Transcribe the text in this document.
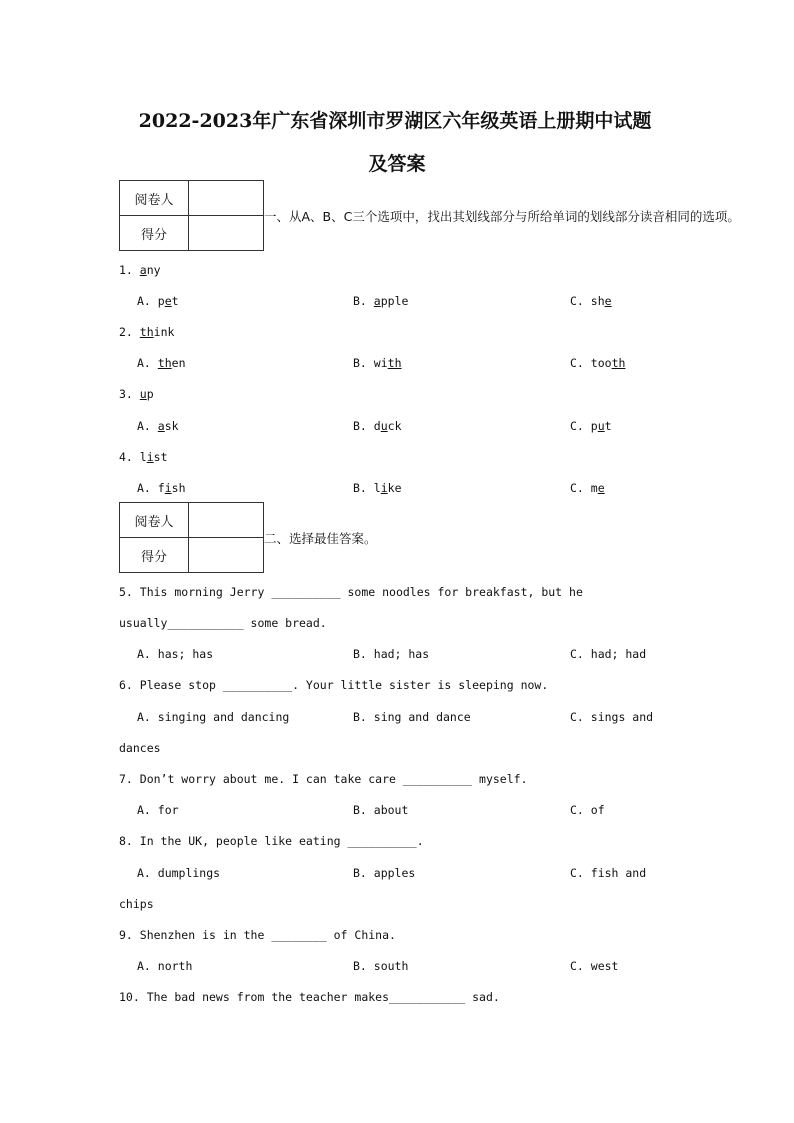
2022-2023年广东省深圳市罗湖区六年级英语上册期中试题
及答案
阅卷人	
得分	
一、从A、B、C三个选项中，找出其划线部分与所给单词的划线部分读音相同的选项。
1. any
A. pet	B. apple	C. she
2. think
A. then	B. with	C. tooth
3. up
A. ask	B. duck	C. put
4. list
A. fish	B. like	C. me
阅卷人	
得分	
二、选择最佳答案。
5. This morning Jerry __________ some noodles for breakfast, but he
usually___________ some bread.
A. has; has	B. had; has	C. had; had
6. Please stop __________. Your little sister is sleeping now.
A. singing and dancing	B. sing and dance	C. sings and
dances
7. Don’t worry about me. I can take care __________ myself.
A. for	B. about	C. of
8. In the UK, people like eating __________.
A. dumplings	B. apples	C. fish and
chips
9. Shenzhen is in the ________ of China.
A. north	B. south	C. west
10. The bad news from the teacher makes___________ sad.
